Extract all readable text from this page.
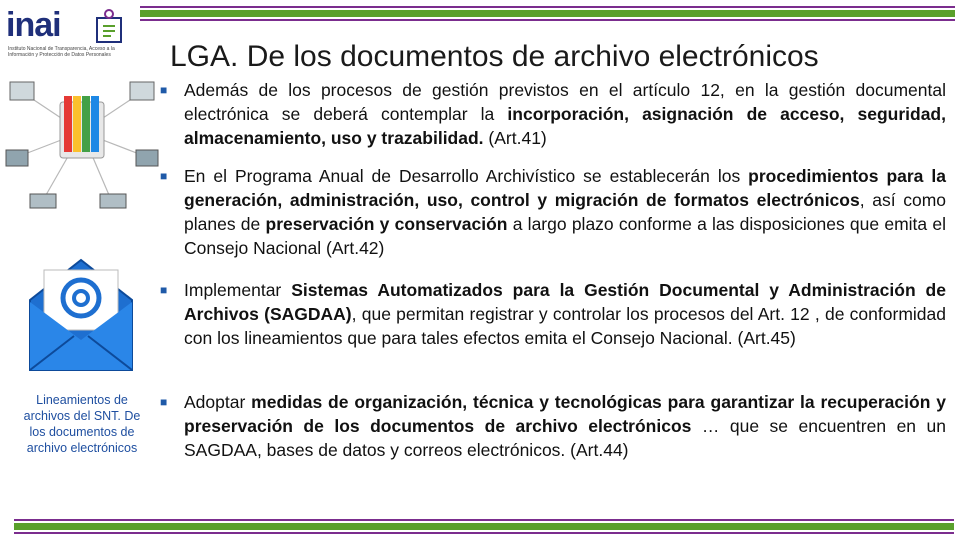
inai
Instituto Nacional de Transparencia, Acceso a la Información y Protección de Datos Personales	LGA. De los documentos de archivo electrónicos
■ Además de los procesos de gestión previstos en el artículo 12, en la gestión documental electrónica se deberá contemplar la incorporación, asignación de acceso, seguridad, almacenamiento, uso y trazabilidad. (Art.41)
■ En el Programa Anual de Desarrollo Archivístico se establecerán los procedimientos para la generación, administración, uso, control y migración de formatos electrónicos, así como planes de preservación y conservación a largo plazo conforme a las disposiciones que emita el Consejo Nacional (Art.42)
■ Implementar Sistemas Automatizados para la Gestión Documental y Administración de Archivos (SAGDAA), que permitan registrar y controlar los procesos del Art. 12 , de conformidad con los lineamientos que para tales efectos emita el Consejo Nacional. (Art.45)
■ Adoptar medidas de organización, técnica y tecnológicas para garantizar la recuperación y preservación de los documentos de archivo electrónicos … que se encuentren en un SAGDAA, bases de datos y correos electrónicos. (Art.44)
Lineamientos de archivos del SNT. De los documentos de archivo electrónicos
